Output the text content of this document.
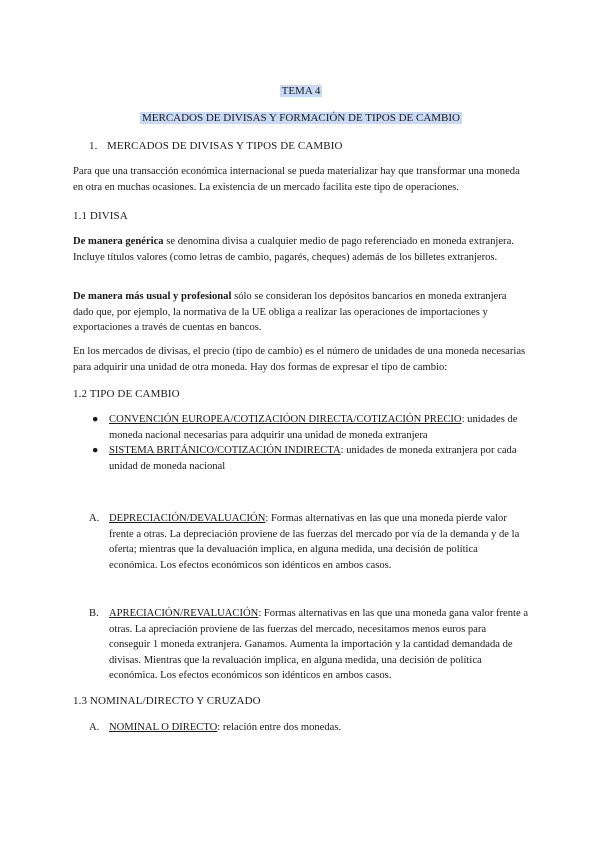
TEMA 4
MERCADOS DE DIVISAS Y FORMACIÓN DE TIPOS DE CAMBIO
1. MERCADOS DE DIVISAS Y TIPOS DE CAMBIO

Para que una transacción económica internacional se pueda materializar hay que transformar una moneda en otra en muchas ocasiones. La existencia de un mercado facilita este tipo de operaciones.

1.1 DIVISA

De manera genérica se denomina divisa a cualquier medio de pago referenciado en moneda extranjera. Incluye títulos valores (como letras de cambio, pagarés, cheques) además de los billetes extranjeros.

De manera más usual y profesional sólo se consideran los depósitos bancarios en moneda extranjera dado que, por ejemplo, la normativa de la UE obliga a realizar las operaciones de importaciones y exportaciones a través de cuentas en bancos.

En los mercados de divisas, el precio (tipo de cambio) es el número de unidades de una moneda necesarias para adquirir una unidad de otra moneda. Hay dos formas de expresar el tipo de cambio:

1.2 TIPO DE CAMBIO
● CONVENCIÓN EUROPEA/COTIZACIÓON DIRECTA/COTIZACIÓN PRECIO: unidades de moneda nacional necesarias para adquirir una unidad de moneda extranjera
● SISTEMA BRITÁNICO/COTIZACIÓN INDIRECTA: unidades de moneda extranjera por cada unidad de moneda nacional
A. DEPRECIACIÓN/DEVALUACIÓN: Formas alternativas en las que una moneda pierde valor frente a otras. La depreciación proviene de las fuerzas del mercado por vía de la demanda y de la oferta; mientras que la devaluación implica, en alguna medida, una decisión de política económica. Los efectos económicos son idénticos en ambos casos.
B. APRECIACIÓN/REVALUACIÓN: Formas alternativas en las que una moneda gana valor frente a otras. La apreciación proviene de las fuerzas del mercado, necesitamos menos euros para conseguir 1 moneda extranjera. Ganamos. Aumenta la importación y la cantidad demandada de divisas. Mientras que la revaluación implica, en alguna medida, una decisión de política económica. Los efectos económicos son idénticos en ambos casos.
1.3 NOMINAL/DIRECTO Y CRUZADO
A. NOMINAL O DIRECTO: relación entre dos monedas.
